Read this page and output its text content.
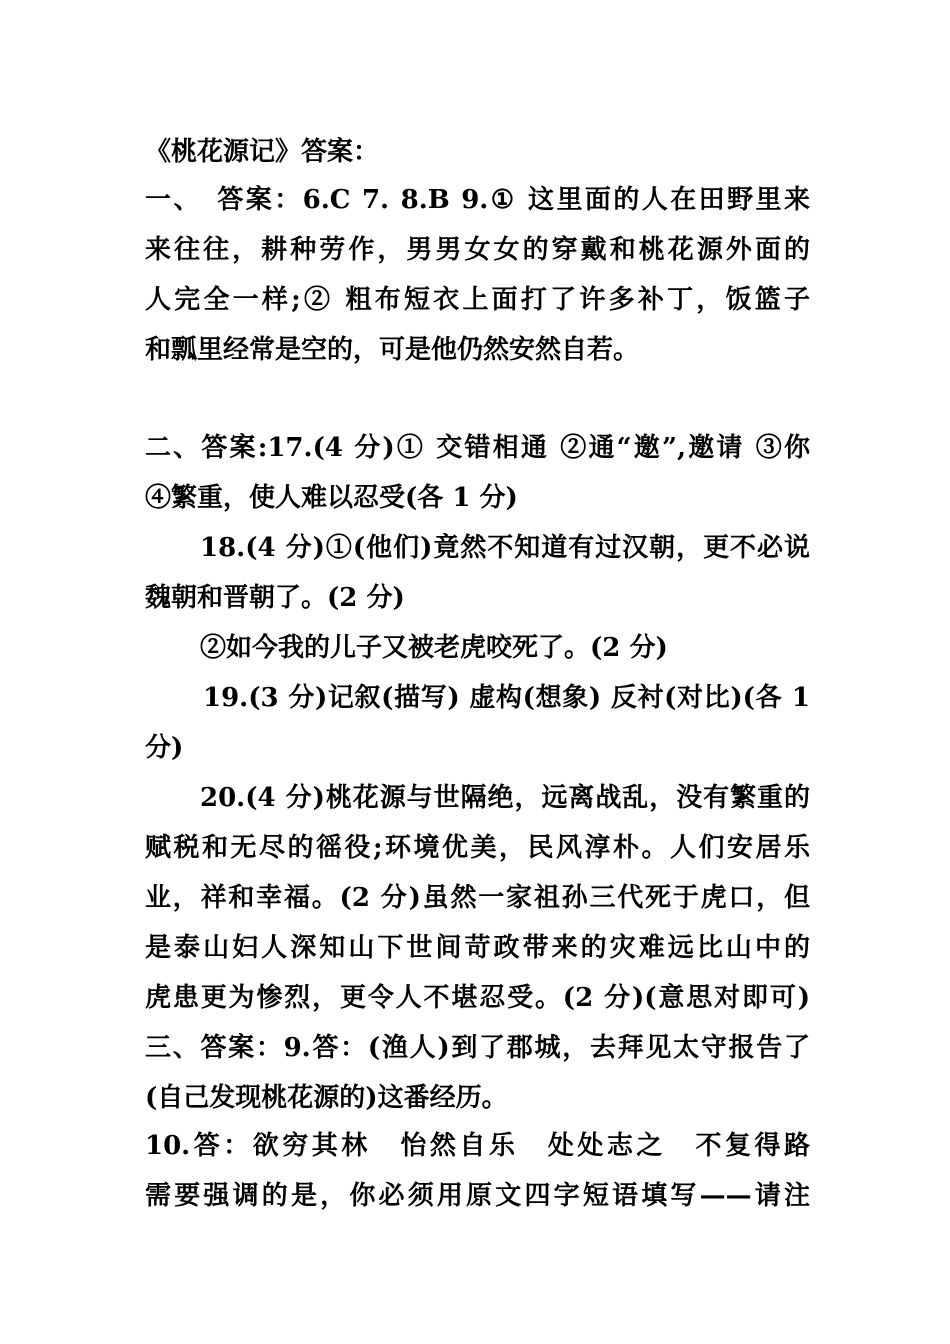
《桃花源记》答案：
一、　答案：6.C 7. 8.B 9.① 这里面的人在田野里来
来往往，耕种劳作，男男女女的穿戴和桃花源外面的
人完全一样;② 粗布短衣上面打了许多补丁，饭篮子
和瓢里经常是空的，可是他仍然安然自若。
二、答案:17.(4 分)① 交错相通 ②通“邀”,邀请 ③你
④繁重，使人难以忍受(各 1 分)
18.(4 分)①(他们)竟然不知道有过汉朝，更不必说
魏朝和晋朝了。(2 分)
②如今我的儿子又被老虎咬死了。(2 分)
19.(3 分)记叙(描写) 虚构(想象) 反衬(对比)(各 1
分)
20.(4 分)桃花源与世隔绝，远离战乱，没有繁重的
赋税和无尽的徭役;环境优美，民风淳朴。人们安居乐
业，祥和幸福。(2 分)虽然一家祖孙三代死于虎口，但
是泰山妇人深知山下世间苛政带来的灾难远比山中的
虎患更为惨烈，更令人不堪忍受。(2 分)(意思对即可)
三、答案：9.答：(渔人)到了郡城，去拜见太守报告了
(自己发现桃花源的)这番经历。
10.答：欲穷其林　怡然自乐　处处志之　不复得路
需要强调的是，你必须用原文四字短语填写——请注
